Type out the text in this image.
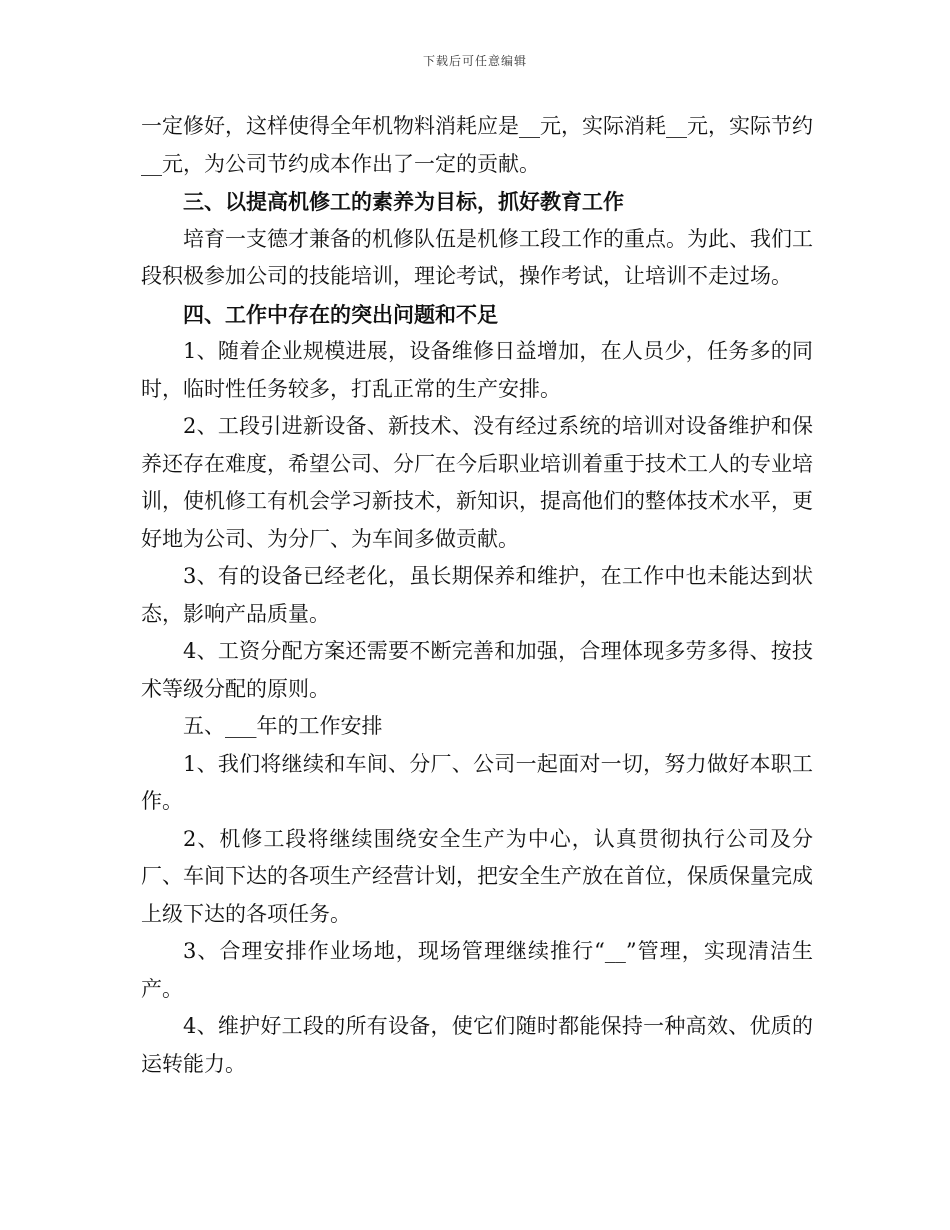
下载后可任意编辑

一定修好，这样使得全年机物料消耗应是__元，实际消耗__元，实际节约__元，为公司节约成本作出了一定的贡献。

三、以提高机修工的素养为目标，抓好教育工作

培育一支德才兼备的机修队伍是机修工段工作的重点。为此、我们工段积极参加公司的技能培训，理论考试，操作考试，让培训不走过场。

四、工作中存在的突出问题和不足

1、随着企业规模进展，设备维修日益增加，在人员少，任务多的同时，临时性任务较多，打乱正常的生产安排。

2、工段引进新设备、新技术、没有经过系统的培训对设备维护和保养还存在难度，希望公司、分厂在今后职业培训着重于技术工人的专业培训，使机修工有机会学习新技术，新知识，提高他们的整体技术水平，更好地为公司、为分厂、为车间多做贡献。

3、有的设备已经老化，虽长期保养和维护，在工作中也未能达到状态，影响产品质量。

4、工资分配方案还需要不断完善和加强，合理体现多劳多得、按技术等级分配的原则。

五、___年的工作安排

1、我们将继续和车间、分厂、公司一起面对一切，努力做好本职工作。

2、机修工段将继续围绕安全生产为中心，认真贯彻执行公司及分厂、车间下达的各项生产经营计划，把安全生产放在首位，保质保量完成上级下达的各项任务。

3、合理安排作业场地，现场管理继续推行“__”管理，实现清洁生产。

4、维护好工段的所有设备，使它们随时都能保持一种高效、优质的运转能力。
